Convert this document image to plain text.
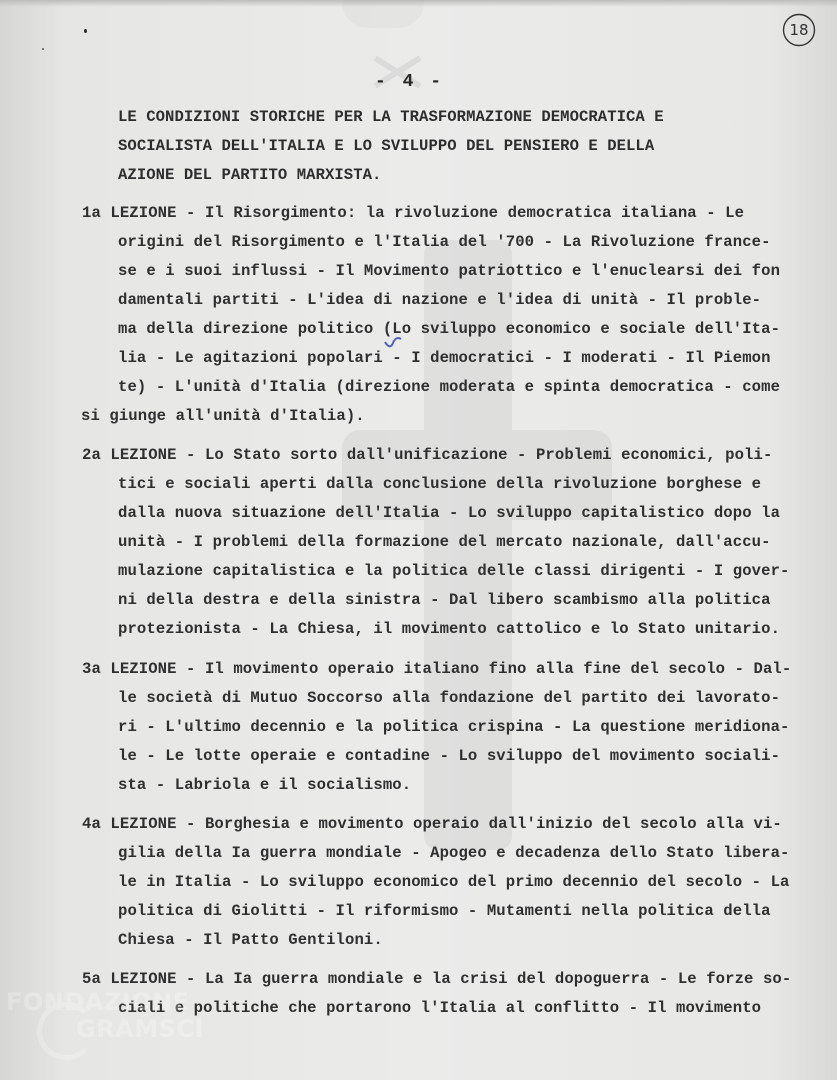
18
- 4 -
LE CONDIZIONI STORICHE PER LA TRASFORMAZIONE DEMOCRATICA E
SOCIALISTA DELL'ITALIA E LO SVILUPPO DEL PENSIERO E DELLA
AZIONE DEL PARTITO MARXISTA.
1a LEZIONE - Il Risorgimento: la rivoluzione democratica italiana - Le
origini del Risorgimento e l'Italia del '700 - La Rivoluzione france-
se e i suoi influssi - Il Movimento patriottico e l'enuclearsi dei fon
damentali partiti - L'idea di nazione e l'idea di unità - Il proble-
ma della direzione politico (Lo sviluppo economico e sociale dell'Ita-
lia - Le agitazioni popolari - I democratici - I moderati - Il Piemon
te) - L'unità d'Italia (direzione moderata e spinta democratica - come
si giunge all'unità d'Italia).
2a LEZIONE - Lo Stato sorto dall'unificazione - Problemi economici, poli-
tici e sociali aperti dalla conclusione della rivoluzione borghese e
dalla nuova situazione dell'Italia - Lo sviluppo capitalistico dopo la
unità - I problemi della formazione del mercato nazionale, dall'accu-
mulazione capitalistica e la politica delle classi dirigenti - I gover-
ni della destra e della sinistra - Dal libero scambismo alla politica
protezionista - La Chiesa, il movimento cattolico e lo Stato unitario.
3a LEZIONE - Il movimento operaio italiano fino alla fine del secolo - Dal-
le società di Mutuo Soccorso alla fondazione del partito dei lavorato-
ri - L'ultimo decennio e la politica crispina - La questione meridiona-
le - Le lotte operaie e contadine - Lo sviluppo del movimento sociali-
sta - Labriola e il socialismo.
4a LEZIONE - Borghesia e movimento operaio dall'inizio del secolo alla vi-
gilia della Ia guerra mondiale - Apogeo e decadenza dello Stato libera-
le in Italia - Lo sviluppo economico del primo decennio del secolo - La
politica di Giolitti - Il riformismo - Mutamenti nella politica della
Chiesa - Il Patto Gentiloni.
5a LEZIONE - La Ia guerra mondiale e la crisi del dopoguerra - Le forze so-
ciali e politiche che portarono l'Italia al conflitto - Il movimento
FONDAZIONE
GRAMSCI
